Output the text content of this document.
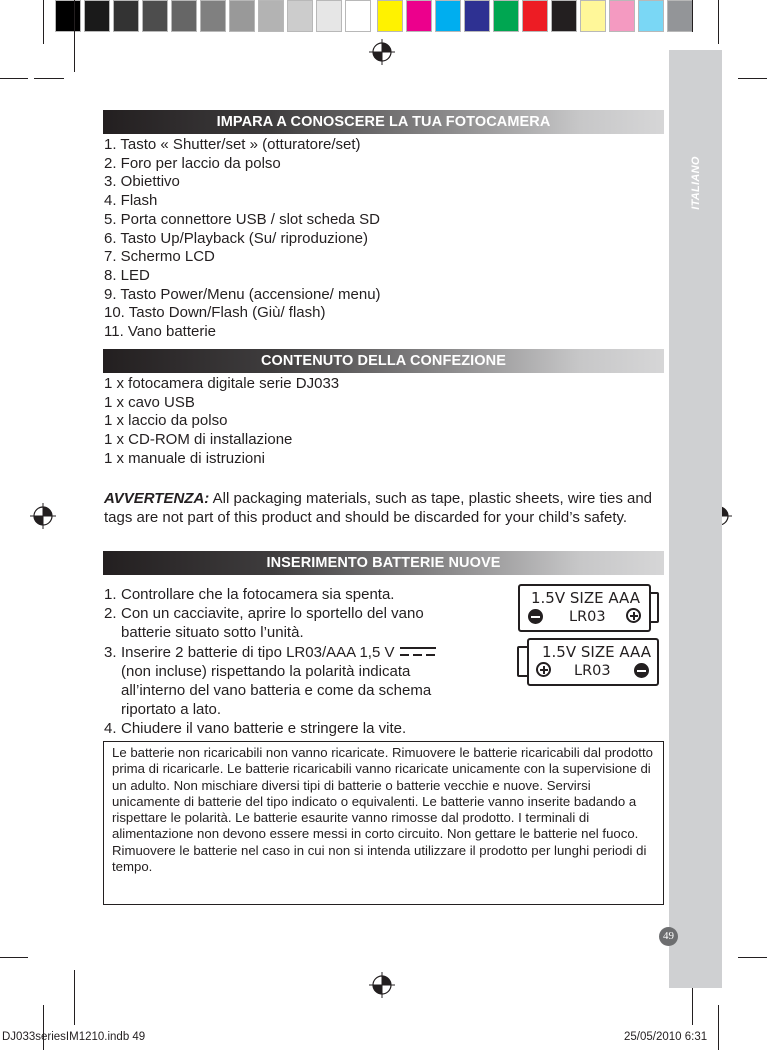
ITALIANO
IMPARA A CONOSCERE LA TUA FOTOCAMERA
1. Tasto « Shutter/set » (otturatore/set)
2. Foro per laccio da polso
3. Obiettivo
4. Flash
5. Porta connettore USB / slot scheda SD
6. Tasto Up/Playback (Su/ riproduzione)
7. Schermo LCD
8. LED
9. Tasto Power/Menu (accensione/ menu)
10. Tasto Down/Flash (Giù/ flash)
11. Vano batterie
CONTENUTO DELLA CONFEZIONE
1 x fotocamera digitale serie DJ033
1 x cavo USB
1 x laccio da polso
1 x CD-ROM di installazione
1 x manuale di istruzioni
AVVERTENZA: All packaging materials, such as tape, plastic sheets, wire ties and tags are not part of this product and should be discarded for your child’s safety.
INSERIMENTO BATTERIE NUOVE
1. Controllare che la fotocamera sia spenta.
2. Con un cacciavite, aprire lo sportello del vano
batterie situato sotto l’unità.
3. Inserire 2 batterie di tipo LR03/AAA 1,5 V
(non incluse) rispettando la polarità indicata
all’interno del vano batteria e come da schema
riportato a lato.
4. Chiudere il vano batterie e stringere la vite.
1.5V SIZE AAA
LR03
1.5V SIZE AAA
LR03
Le batterie non ricaricabili non vanno ricaricate. Rimuovere le batterie ricaricabili dal prodotto prima di ricaricarle. Le batterie ricaricabili vanno ricaricate unicamente con la supervisione di un adulto. Non mischiare diversi tipi di batterie o batterie vecchie e nuove. Servirsi unicamente di batterie del tipo indicato o equivalenti. Le batterie vanno inserite badando a rispettare le polarità. Le batterie esaurite vanno rimosse dal prodotto. I terminali di alimentazione non devono essere messi in corto circuito. Non gettare le batterie nel fuoco. Rimuovere le batterie nel caso in cui non si intenda utilizzare il prodotto per lunghi periodi di tempo.
49
DJ033seriesIM1210.indb 49	25/05/2010 6:31
